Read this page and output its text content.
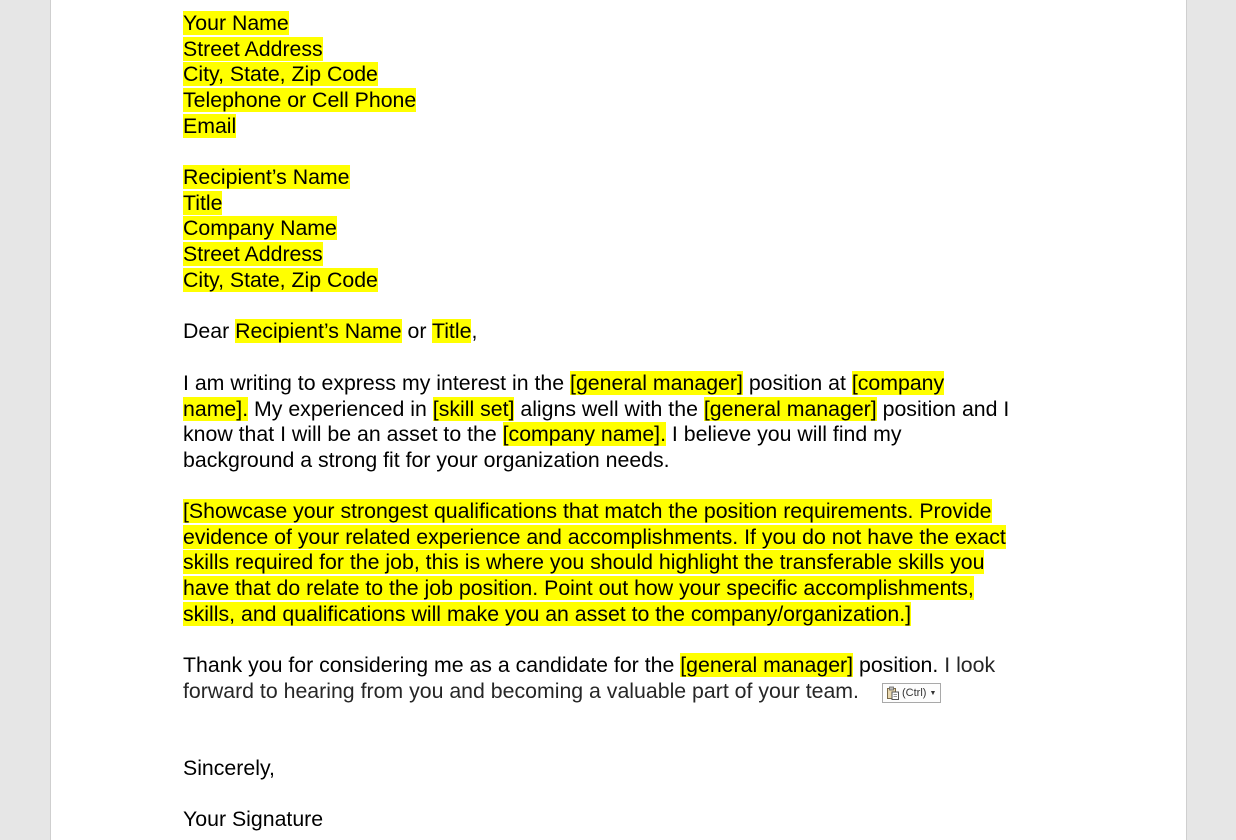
Your Name

Street Address

City, State, Zip Code

Telephone or Cell Phone

Email

Recipient’s Name

Title

Company Name

Street Address

City, State, Zip Code

Dear Recipient’s Name or Title,

I am writing to express my interest in the [general manager] position at [company

name]. My experienced in [skill set] aligns well with the [general manager] position and I

know that I will be an asset to the [company name]. I believe you will find my

background a strong fit for your organization needs.

[Showcase your strongest qualifications that match the position requirements. Provide

evidence of your related experience and accomplishments. If you do not have the exact

skills required for the job, this is where you should highlight the transferable skills you

have that do relate to the job position. Point out how your specific accomplishments,

skills, and qualifications will make you an asset to the company/organization.]

Thank you for considering me as a candidate for the [general manager] position. I look

forward to hearing from you and becoming a valuable part of your team.	(Ctrl) ▼

Sincerely,

Your Signature
